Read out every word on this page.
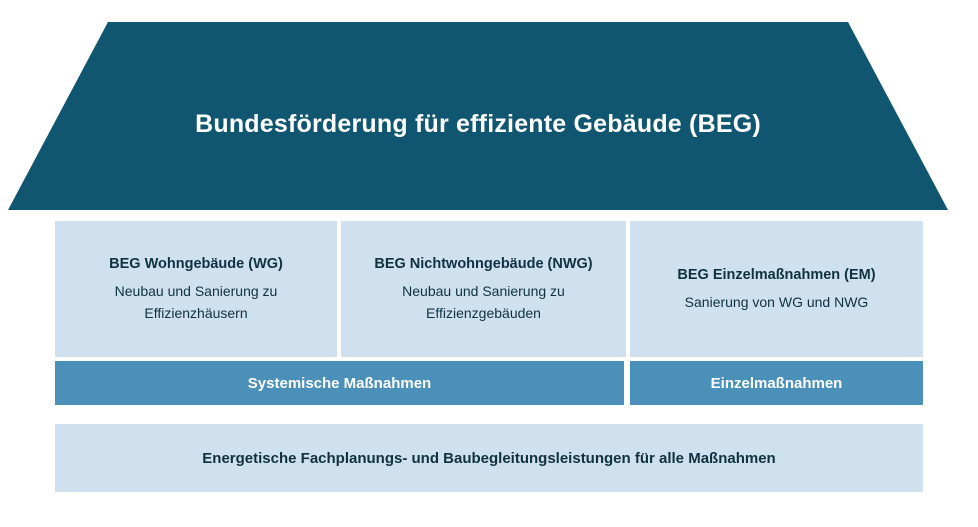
Bundesförderung für effiziente Gebäude (BEG)
BEG Wohngebäude (WG)
Neubau und Sanierung zu Effizienzhäusern
BEG Nichtwohngebäude (NWG)
Neubau und Sanierung zu Effizienzgebäuden
BEG Einzelmaßnahmen (EM)
Sanierung von WG und NWG
Systemische Maßnahmen	Einzelmaßnahmen
Energetische Fachplanungs- und Baubegleitungsleistungen für alle Maßnahmen
